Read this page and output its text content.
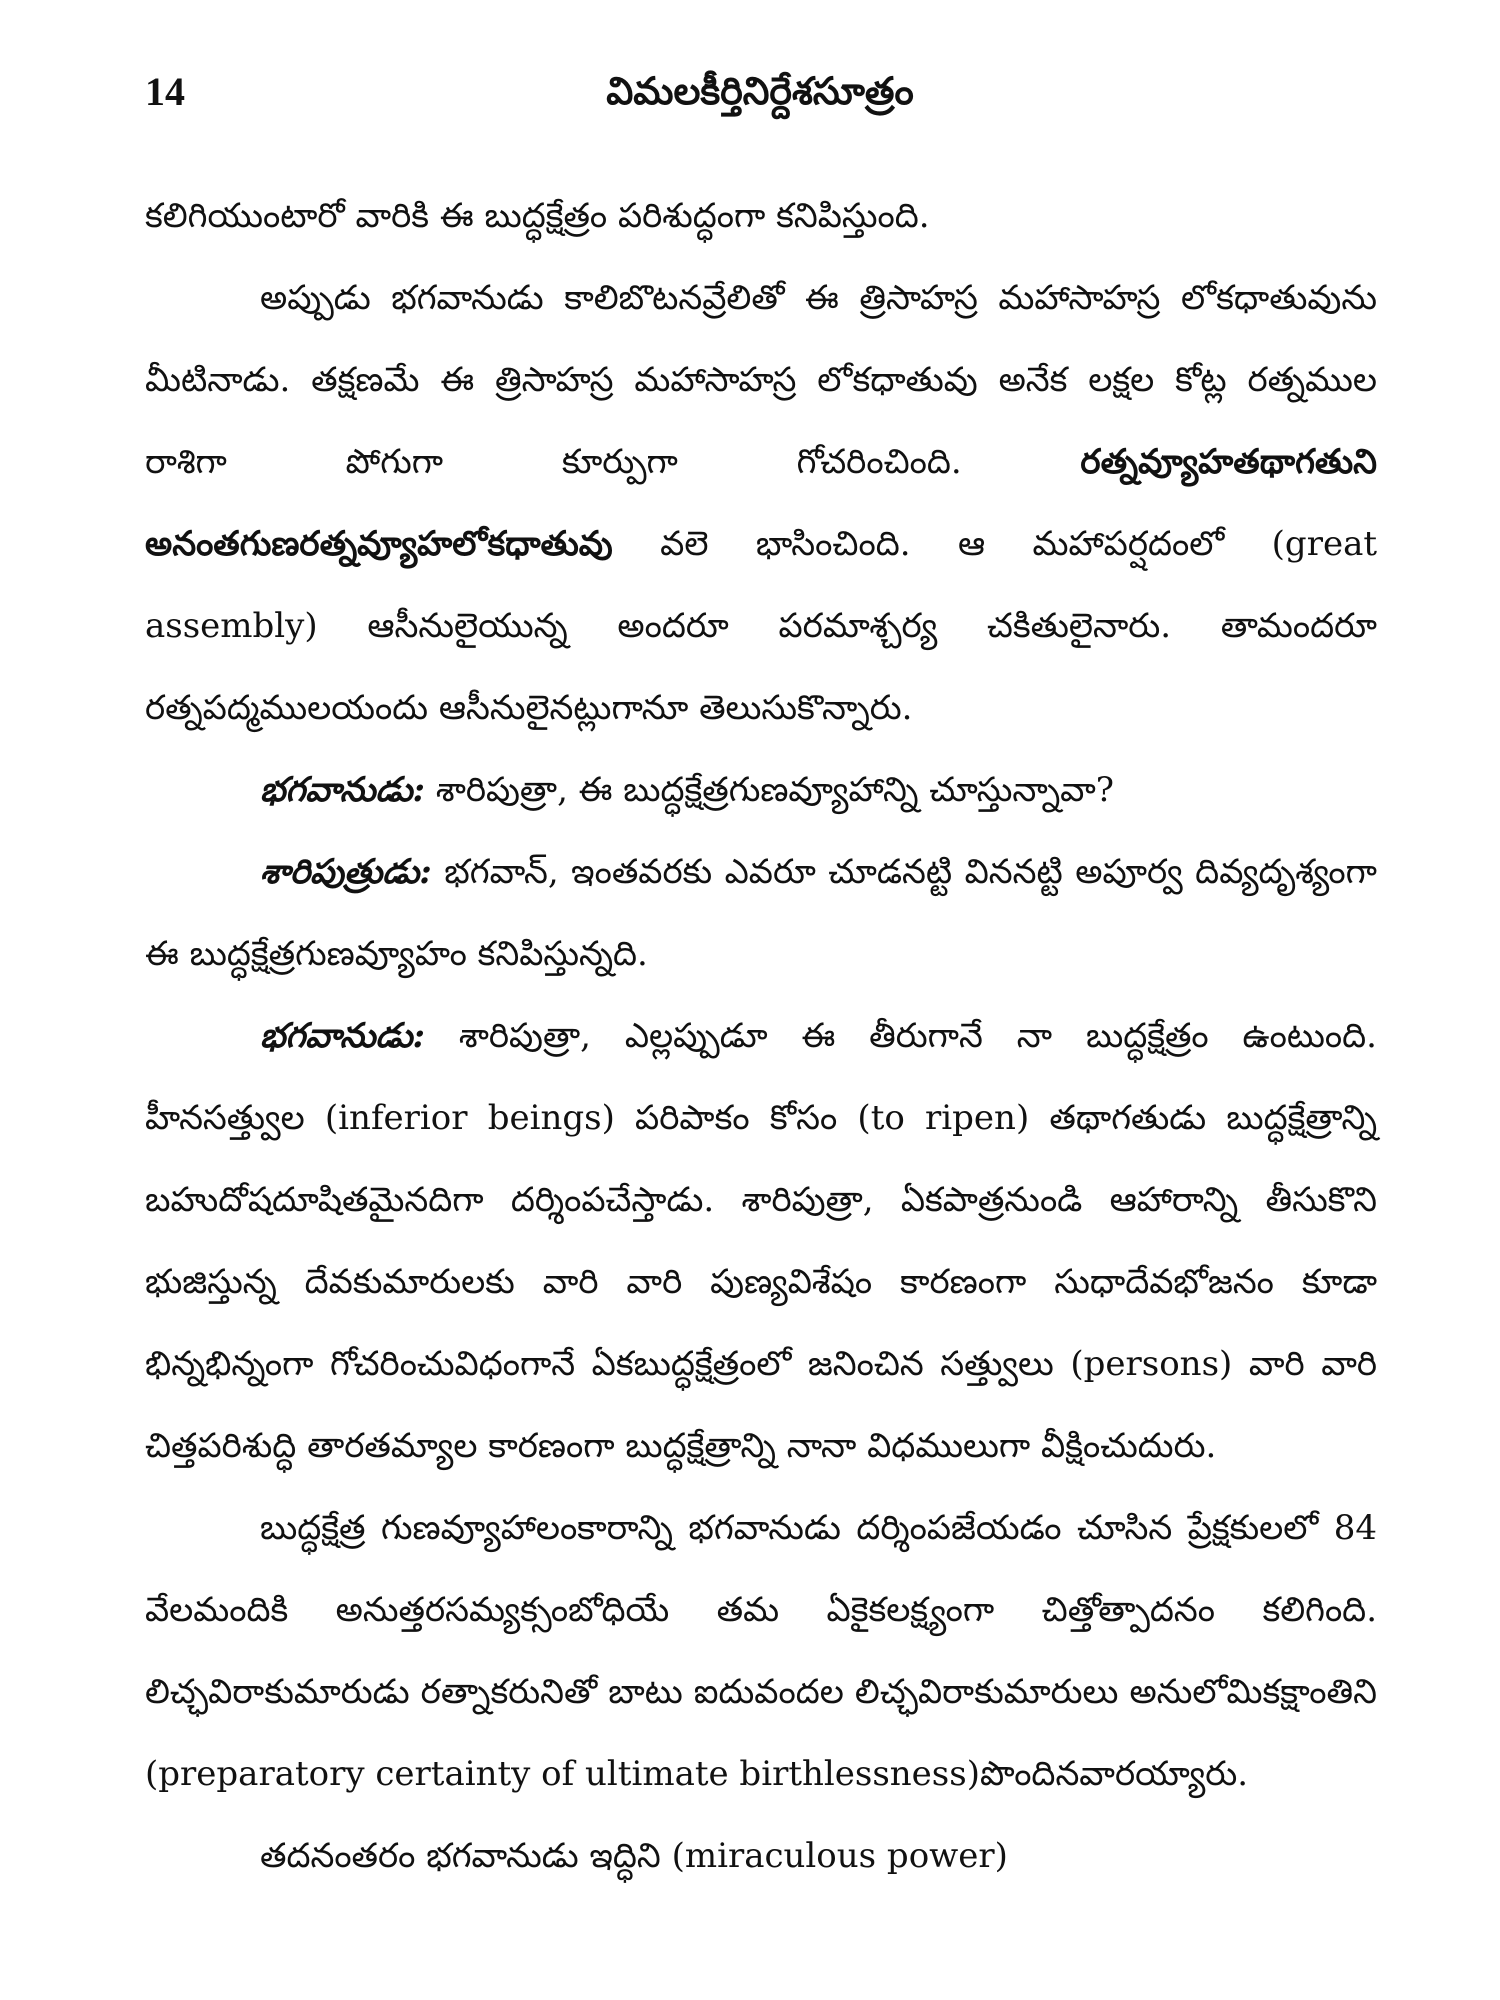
14	విమలకీర్తినిర్దేశసూత్రం

కలిగియుంటారో వారికి ఈ బుద్ధక్షేత్రం పరిశుద్ధంగా కనిపిస్తుంది.

అప్పుడు భగవానుడు కాలిబొటనవ్రేలితో ఈ త్రిసాహస్ర మహాసాహస్ర లోకధాతువును మీటినాడు. తక్షణమే ఈ త్రిసాహస్ర మహాసాహస్ర లోకధాతువు అనేక లక్షల కోట్ల రత్నముల రాశిగా పోగుగా కూర్పుగా గోచరించింది.	రత్నవ్యూహతథాగతుని అనంతగుణరత్నవ్యూహలోకధాతువు వలె భాసించింది. ఆ మహాపర్షదంలో (great assembly) ఆసీనులైయున్న అందరూ పరమాశ్చర్య చకితులైనారు. తామందరూ రత్నపద్మములయందు ఆసీనులైనట్లుగానూ తెలుసుకొన్నారు.

భగవానుడు: శారిపుత్రా, ఈ బుద్ధక్షేత్రగుణవ్యూహాన్ని చూస్తున్నావా?

శారిపుత్రుడు: భగవాన్, ఇంతవరకు ఎవరూ చూడనట్టి విననట్టి అపూర్వ దివ్యదృశ్యంగా ఈ బుద్ధక్షేత్రగుణవ్యూహం కనిపిస్తున్నది.

భగవానుడు: శారిపుత్రా, ఎల్లప్పుడూ ఈ తీరుగానే నా బుద్ధక్షేత్రం ఉంటుంది. హీనసత్త్వుల (inferior beings) పరిపాకం కోసం (to ripen) తథాగతుడు బుద్ధక్షేత్రాన్ని బహుదోషదూషితమైనదిగా దర్శింపచేస్తాడు. శారిపుత్రా, ఏకపాత్రనుండి ఆహారాన్ని తీసుకొని భుజిస్తున్న దేవకుమారులకు వారి వారి పుణ్యవిశేషం కారణంగా సుధాదేవభోజనం కూడా భిన్నభిన్నంగా గోచరించువిధంగానే ఏకబుద్ధక్షేత్రంలో జనించిన సత్త్వులు (persons) వారి వారి చిత్తపరిశుద్ధి తారతమ్యాల కారణంగా బుద్ధక్షేత్రాన్ని నానా విధములుగా వీక్షించుదురు.

బుద్ధక్షేత్ర గుణవ్యూహాలంకారాన్ని భగవానుడు దర్శింపజేయడం చూసిన ప్రేక్షకులలో 84 వేలమందికి అనుత్తరసమ్యక్సంబోధియే తమ ఏకైకలక్ష్యంగా చిత్తోత్పాదనం కలిగింది. లిచ్ఛవిరాకుమారుడు రత్నాకరునితో బాటు ఐదువందల లిచ్ఛవిరాకుమారులు అనులోమికక్షాంతిని (preparatory certainty of ultimate birthlessness)పొందినవారయ్యారు.

తదనంతరం భగవానుడు ఇద్ధిని (miraculous power)
